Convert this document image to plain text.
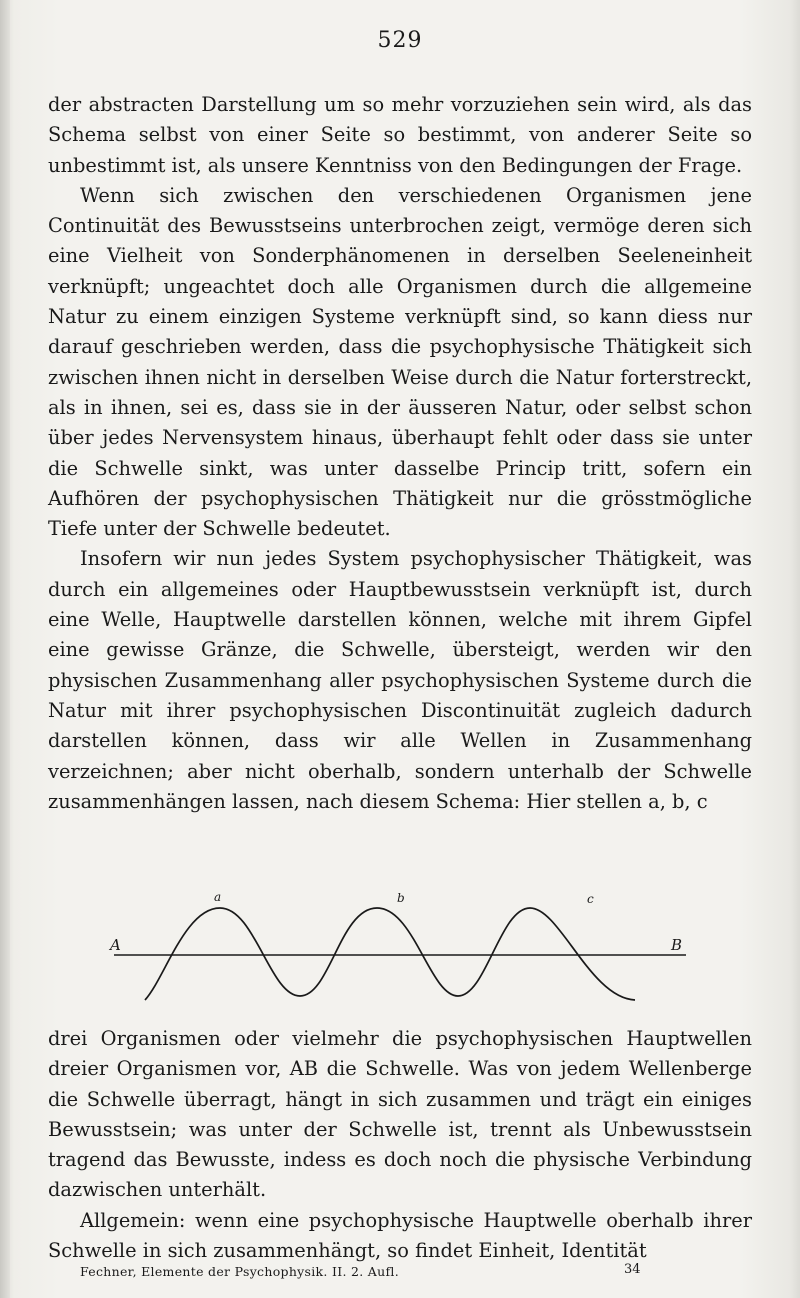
529

der abstracten Darstellung um so mehr vorzuziehen sein wird, als das Schema selbst von einer Seite so bestimmt, von anderer Seite so unbestimmt ist, als unsere Kenntniss von den Bedingungen der Frage.

Wenn sich zwischen den verschiedenen Organismen jene Continuität des Bewusstseins unterbrochen zeigt, vermöge deren sich eine Vielheit von Sonderphänomenen in derselben Seeleneinheit verknüpft; ungeachtet doch alle Organismen durch die allgemeine Natur zu einem einzigen Systeme verknüpft sind, so kann diess nur darauf geschrieben werden, dass die psychophysische Thätigkeit sich zwischen ihnen nicht in derselben Weise durch die Natur forterstreckt, als in ihnen, sei es, dass sie in der äusseren Natur, oder selbst schon über jedes Nervensystem hinaus, überhaupt fehlt oder dass sie unter die Schwelle sinkt, was unter dasselbe Princip tritt, sofern ein Aufhören der psychophysischen Thätigkeit nur die grösstmögliche Tiefe unter der Schwelle bedeutet.

Insofern wir nun jedes System psychophysischer Thätigkeit, was durch ein allgemeines oder Hauptbewusstsein verknüpft ist, durch eine Welle, Hauptwelle darstellen können, welche mit ihrem Gipfel eine gewisse Gränze, die Schwelle, übersteigt, werden wir den physischen Zusammenhang aller psychophysischen Systeme durch die Natur mit ihrer psychophysischen Discontinuität zugleich dadurch darstellen können, dass wir alle Wellen in Zusammenhang verzeichnen; aber nicht oberhalb, sondern unterhalb der Schwelle zusammenhängen lassen, nach diesem Schema: Hier stellen a, b, c

a	b	c
A	B

drei Organismen oder vielmehr die psychophysischen Hauptwellen dreier Organismen vor, AB die Schwelle. Was von jedem Wellenberge die Schwelle überragt, hängt in sich zusammen und trägt ein einiges Bewusstsein; was unter der Schwelle ist, trennt als Unbewusstsein tragend das Bewusste, indess es doch noch die physische Verbindung dazwischen unterhält.

Allgemein: wenn eine psychophysische Hauptwelle oberhalb ihrer Schwelle in sich zusammenhängt, so findet Einheit, Identität

Fechner, Elemente der Psychophysik. II. 2. Aufl.	34
